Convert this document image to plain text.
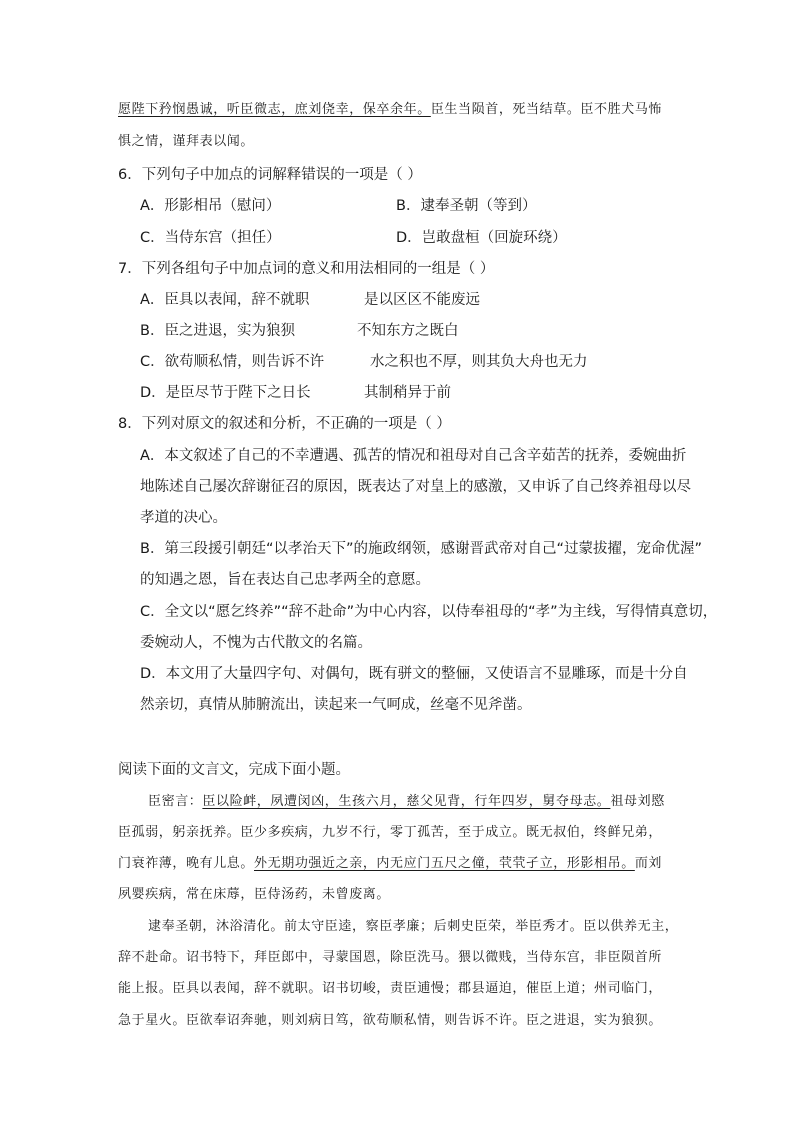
愿陛下矜悯愚诚，听臣微志，庶刘侥幸，保卒余年。臣生当陨首，死当结草。臣不胜犬马怖
惧之情，谨拜表以闻。
6．下列句子中加点的词解释错误的一项是（ ）
A．形影相吊（慰问）	B．逮奉圣朝（等到）
C．当侍东宫（担任）	D．岂敢盘桓（回旋环绕）
7．下列各组句子中加点词的意义和用法相同的一组是（ ）
A．臣具以表闻，辞不就职	是以区区不能废远
B．臣之进退，实为狼狈	不知东方之既白
C．欲苟顺私情，则告诉不许	水之积也不厚，则其负大舟也无力
D．是臣尽节于陛下之日长	其制稍异于前
8．下列对原文的叙述和分析，不正确的一项是（ ）
A．本文叙述了自己的不幸遭遇、孤苦的情况和祖母对自己含辛茹苦的抚养，委婉曲折
地陈述自己屡次辞谢征召的原因，既表达了对皇上的感激，又申诉了自己终养祖母以尽
孝道的决心。
B．第三段援引朝廷“以孝治天下”的施政纲领，感谢晋武帝对自己“过蒙拔擢，宠命优渥”
的知遇之恩，旨在表达自己忠孝两全的意愿。
C．全文以“愿乞终养”“辞不赴命”为中心内容，以侍奉祖母的“孝”为主线，写得情真意切，
委婉动人，不愧为古代散文的名篇。
D．本文用了大量四字句、对偶句，既有骈文的整俪，又使语言不显雕琢，而是十分自
然亲切，真情从肺腑流出，读起来一气呵成，丝毫不见斧凿。
阅读下面的文言文，完成下面小题。
臣密言：臣以险衅，夙遭闵凶，生孩六月，慈父见背，行年四岁，舅夺母志。祖母刘愍
臣孤弱，躬亲抚养。臣少多疾病，九岁不行，零丁孤苦，至于成立。既无叔伯，终鲜兄弟，
门衰祚薄，晚有儿息。外无期功强近之亲，内无应门五尺之僮，茕茕孑立，形影相吊。而刘
夙婴疾病，常在床蓐，臣侍汤药，未曾废离。
逮奉圣朝，沐浴清化。前太守臣逵，察臣孝廉；后刺史臣荣，举臣秀才。臣以供养无主，
辞不赴命。诏书特下，拜臣郎中，寻蒙国恩，除臣洗马。猥以微贱，当侍东宫，非臣陨首所
能上报。臣具以表闻，辞不就职。诏书切峻，责臣逋慢；郡县逼迫，催臣上道；州司临门，
急于星火。臣欲奉诏奔驰，则刘病日笃，欲苟顺私情，则告诉不许。臣之进退，实为狼狈。
